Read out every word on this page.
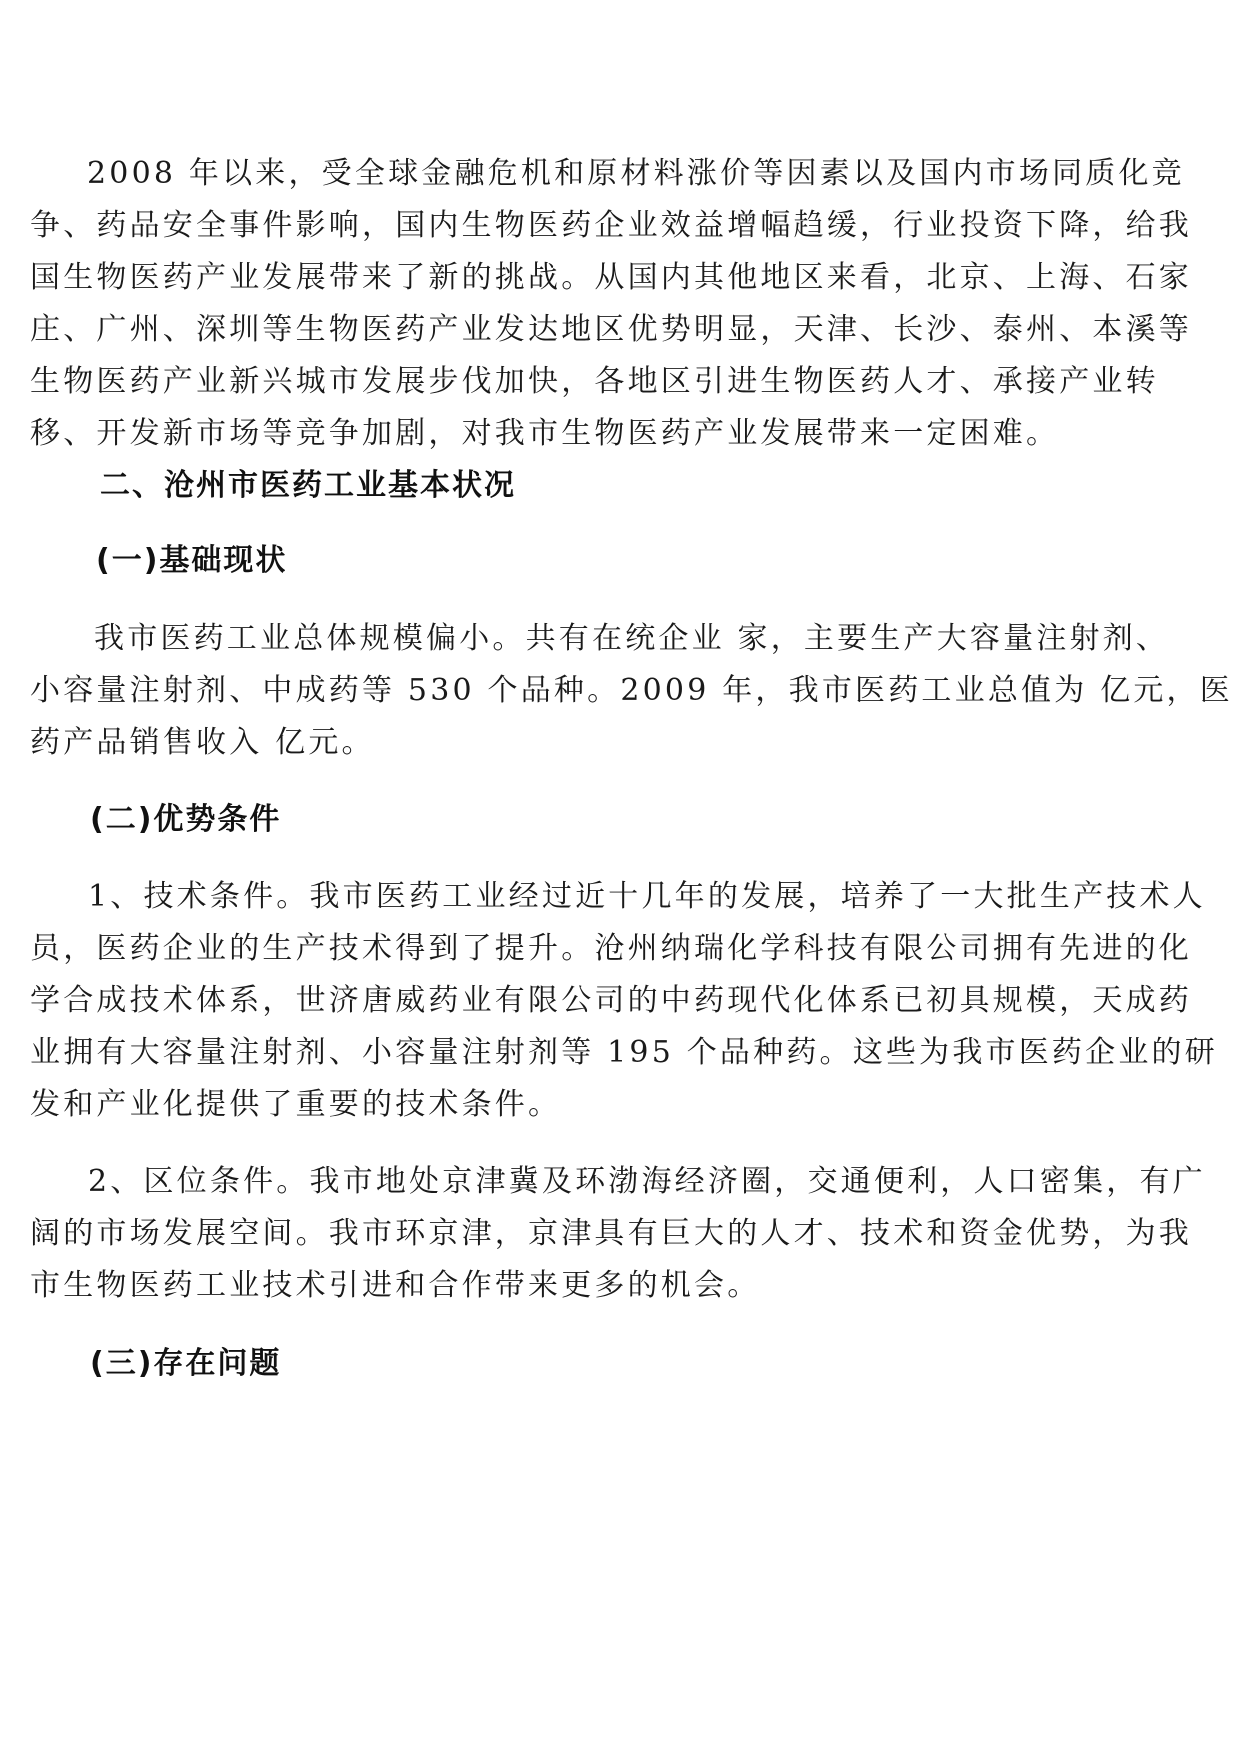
2008 年以来，受全球金融危机和原材料涨价等因素以及国内市场同质化竞
争、药品安全事件影响，国内生物医药企业效益增幅趋缓，行业投资下降，给我
国生物医药产业发展带来了新的挑战。从国内其他地区来看，北京、上海、石家
庄、广州、深圳等生物医药产业发达地区优势明显，天津、长沙、泰州、本溪等
生物医药产业新兴城市发展步伐加快，各地区引进生物医药人才、承接产业转
移、开发新市场等竞争加剧，对我市生物医药产业发展带来一定困难。
二、沧州市医药工业基本状况
(一)基础现状
我市医药工业总体规模偏小。共有在统企业 家，主要生产大容量注射剂、
小容量注射剂、中成药等 530 个品种。2009 年，我市医药工业总值为 亿元，医
药产品销售收入 亿元。
(二)优势条件
1、技术条件。我市医药工业经过近十几年的发展，培养了一大批生产技术人
员，医药企业的生产技术得到了提升。沧州纳瑞化学科技有限公司拥有先进的化
学合成技术体系，世济唐威药业有限公司的中药现代化体系已初具规模，天成药
业拥有大容量注射剂、小容量注射剂等 195 个品种药。这些为我市医药企业的研
发和产业化提供了重要的技术条件。
2、区位条件。我市地处京津冀及环渤海经济圈，交通便利，人口密集，有广
阔的市场发展空间。我市环京津，京津具有巨大的人才、技术和资金优势，为我
市生物医药工业技术引进和合作带来更多的机会。
(三)存在问题
